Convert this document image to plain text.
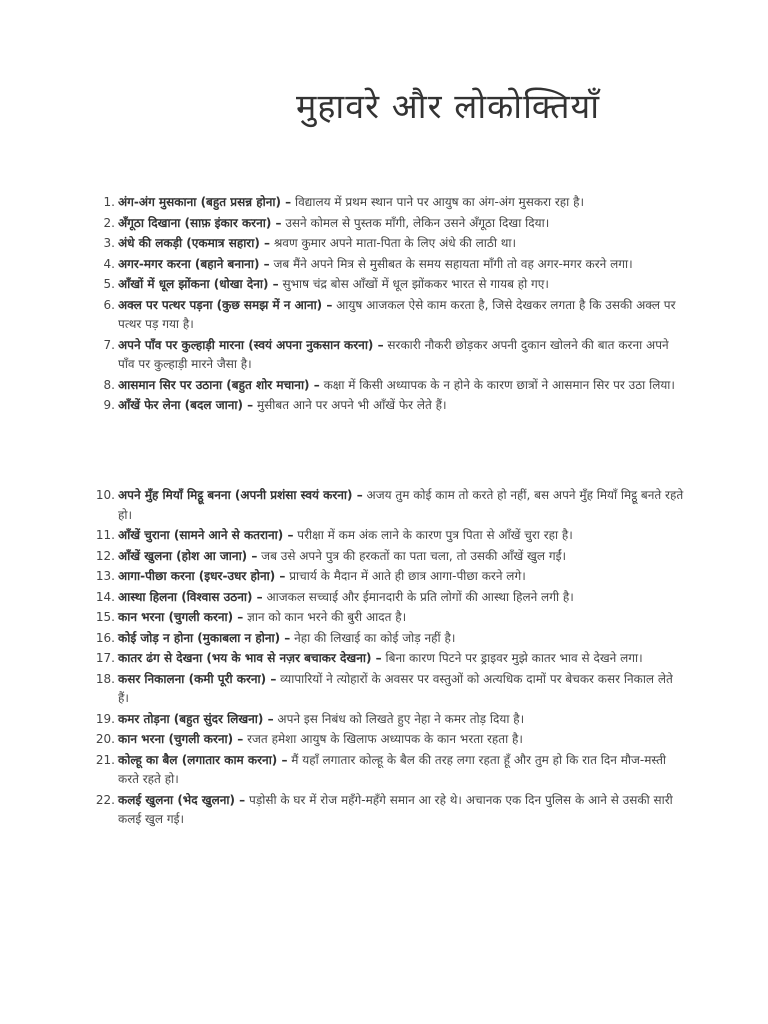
मुहावरे और लोकोक्तियाँ
1. अंग-अंग मुसकाना (बहुत प्रसन्न होना) – विद्यालय में प्रथम स्थान पाने पर आयुष का अंग-अंग मुसकरा रहा है।
2. अँगूठा दिखाना (साफ़ इंकार करना) – उसने कोमल से पुस्तक माँगी, लेकिन उसने अँगूठा दिखा दिया।
3. अंधे की लकड़ी (एकमात्र सहारा) – श्रवण कुमार अपने माता-पिता के लिए अंधे की लाठी था।
4. अगर-मगर करना (बहाने बनाना) – जब मैंने अपने मित्र से मुसीबत के समय सहायता माँगी तो वह अगर-मगर करने लगा।
5. आँखों में धूल झोंकना (धोखा देना) – सुभाष चंद्र बोस आँखों में धूल झोंककर भारत से गायब हो गए।
6. अक्ल पर पत्थर पड़ना (कुछ समझ में न आना) – आयुष आजकल ऐसे काम करता है, जिसे देखकर लगता है कि उसकी अक्ल पर पत्थर पड़ गया है।
7. अपने पाँव पर कुल्हाड़ी मारना (स्वयं अपना नुकसान करना) – सरकारी नौकरी छोड़कर अपनी दुकान खोलने की बात करना अपने पाँव पर कुल्हाड़ी मारने जैसा है।
8. आसमान सिर पर उठाना (बहुत शोर मचाना) – कक्षा में किसी अध्यापक के न होने के कारण छात्रों ने आसमान सिर पर उठा लिया।
9. आँखें फेर लेना (बदल जाना) – मुसीबत आने पर अपने भी आँखें फेर लेते हैं।
10. अपने मुँह मियाँ मिट्ठू बनना (अपनी प्रशंसा स्वयं करना) – अजय तुम कोई काम तो करते हो नहीं, बस अपने मुँह मियाँ मिट्ठू बनते रहते हो।
11. आँखें चुराना (सामने आने से कतराना) – परीक्षा में कम अंक लाने के कारण पुत्र पिता से आँखें चुरा रहा है।
12. आँखें खुलना (होश आ जाना) – जब उसे अपने पुत्र की हरकतों का पता चला, तो उसकी आँखें खुल गईं।
13. आगा-पीछा करना (इधर-उधर होना) – प्राचार्य के मैदान में आते ही छात्र आगा-पीछा करने लगे।
14. आस्था हिलना (विश्वास उठना) – आजकल सच्चाई और ईमानदारी के प्रति लोगों की आस्था हिलने लगी है।
15. कान भरना (चुगली करना) – ज्ञान को कान भरने की बुरी आदत है।
16. कोई जोड़ न होना (मुकाबला न होना) – नेहा की लिखाई का कोई जोड़ नहीं है।
17. कातर ढंग से देखना (भय के भाव से नज़र बचाकर देखना) – बिना कारण पिटने पर ड्राइवर मुझे कातर भाव से देखने लगा।
18. कसर निकालना (कमी पूरी करना) – व्यापारियों ने त्योहारों के अवसर पर वस्तुओं को अत्यधिक दामों पर बेचकर कसर निकाल लेते हैं।
19. कमर तोड़ना (बहुत सुंदर लिखना) – अपने इस निबंध को लिखते हुए नेहा ने कमर तोड़ दिया है।
20. कान भरना (चुगली करना) – रजत हमेशा आयुष के खिलाफ अध्यापक के कान भरता रहता है।
21. कोल्हू का बैल (लगातार काम करना) – मैं यहाँ लगातार कोल्हू के बैल की तरह लगा रहता हूँ और तुम हो कि रात दिन मौज-मस्ती करते रहते हो।
22. कलई खुलना (भेद खुलना) – पड़ोसी के घर में रोज महँगे-महँगे समान आ रहे थे। अचानक एक दिन पुलिस के आने से उसकी सारी कलई खुल गई।
